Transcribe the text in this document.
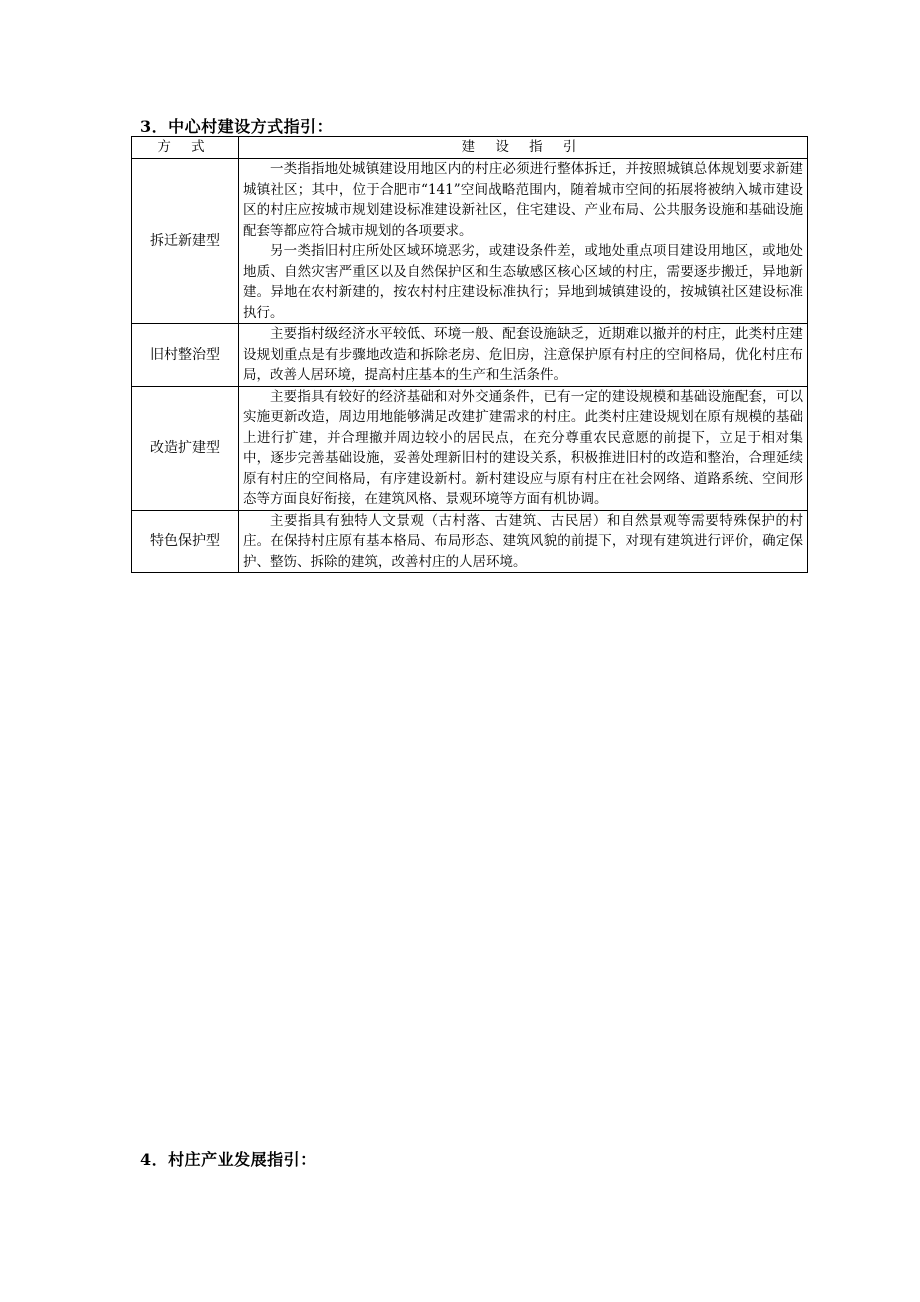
3．中心村建设方式指引：
方 式	建 设 指 引
拆迁新建型	一类指指地处城镇建设用地区内的村庄必须进行整体拆迁，并按照城镇总体规划要求新建城镇社区；其中，位于合肥市“141”空间战略范围内，随着城市空间的拓展将被纳入城市建设区的村庄应按城市规划建设标准建设新社区，住宅建设、产业布局、公共服务设施和基础设施配套等都应符合城市规划的各项要求。

另一类指旧村庄所处区域环境恶劣，或建设条件差，或地处重点项目建设用地区，或地处地质、自然灾害严重区以及自然保护区和生态敏感区核心区域的村庄，需要逐步搬迁，异地新建。异地在农村新建的，按农村村庄建设标准执行；异地到城镇建设的，按城镇社区建设标准执行。

旧村整治型	主要指村级经济水平较低、环境一般、配套设施缺乏，近期难以撤并的村庄，此类村庄建设规划重点是有步骤地改造和拆除老房、危旧房，注意保护原有村庄的空间格局，优化村庄布局，改善人居环境，提高村庄基本的生产和生活条件。

改造扩建型	主要指具有较好的经济基础和对外交通条件，已有一定的建设规模和基础设施配套，可以实施更新改造，周边用地能够满足改建扩建需求的村庄。此类村庄建设规划在原有规模的基础上进行扩建，并合理撤并周边较小的居民点，在充分尊重农民意愿的前提下，立足于相对集中，逐步完善基础设施，妥善处理新旧村的建设关系，积极推进旧村的改造和整治，合理延续原有村庄的空间格局，有序建设新村。新村建设应与原有村庄在社会网络、道路系统、空间形态等方面良好衔接，在建筑风格、景观环境等方面有机协调。

特色保护型	主要指具有独特人文景观（古村落、古建筑、古民居）和自然景观等需要特殊保护的村庄。在保持村庄原有基本格局、布局形态、建筑风貌的前提下，对现有建筑进行评价，确定保护、整饬、拆除的建筑，改善村庄的人居环境。

4．村庄产业发展指引：
